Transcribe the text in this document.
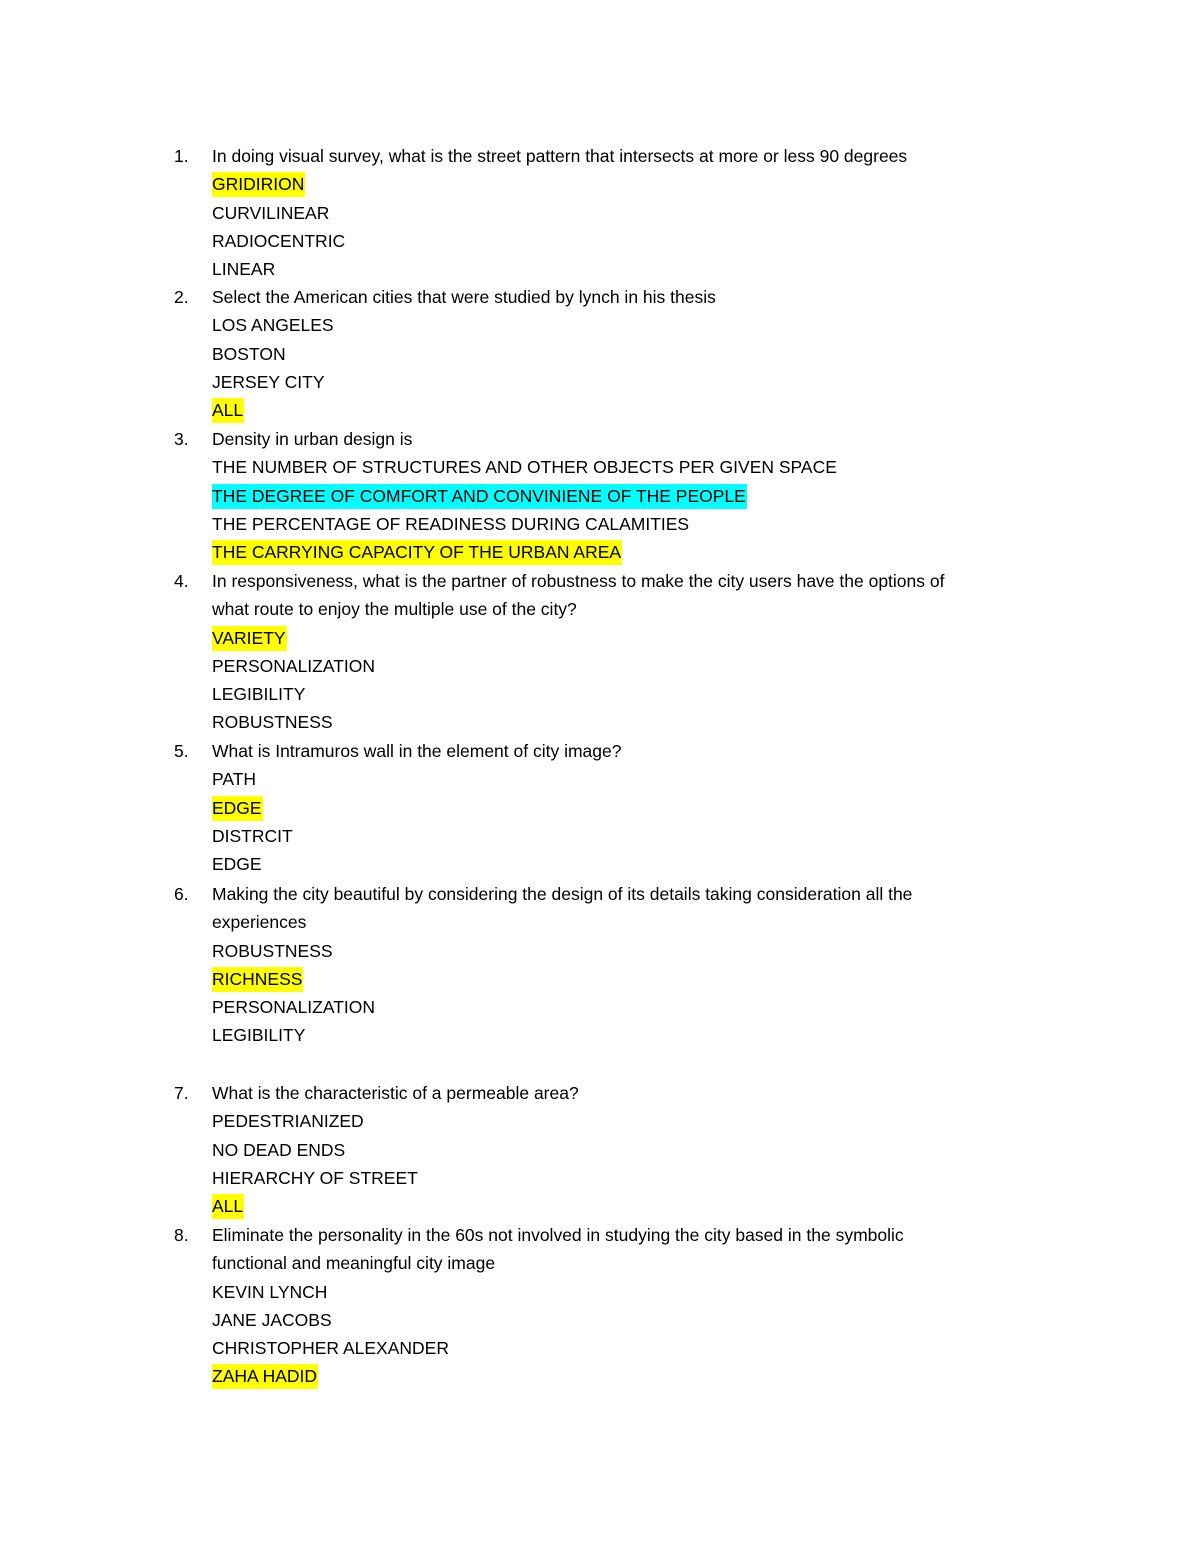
1. In doing visual survey, what is the street pattern that intersects at more or less 90 degrees
GRIDIRION
CURVILINEAR
RADIOCENTRIC
LINEAR
2. Select the American cities that were studied by lynch in his thesis
LOS ANGELES
BOSTON
JERSEY CITY
ALL
3. Density in urban design is
THE NUMBER OF STRUCTURES AND OTHER OBJECTS PER GIVEN SPACE
THE DEGREE OF COMFORT AND CONVINIENE OF THE PEOPLE
THE PERCENTAGE OF READINESS DURING CALAMITIES
THE CARRYING CAPACITY OF THE URBAN AREA
4. In responsiveness, what is the partner of robustness to make the city users have the options of
what route to enjoy the multiple use of the city?
VARIETY
PERSONALIZATION
LEGIBILITY
ROBUSTNESS
5. What is Intramuros wall in the element of city image?
PATH
EDGE
DISTRCIT
EDGE
6. Making the city beautiful by considering the design of its details taking consideration all the
experiences
ROBUSTNESS
RICHNESS
PERSONALIZATION
LEGIBILITY
7. What is the characteristic of a permeable area?
PEDESTRIANIZED
NO DEAD ENDS
HIERARCHY OF STREET
ALL
8. Eliminate the personality in the 60s not involved in studying the city based in the symbolic
functional and meaningful city image
KEVIN LYNCH
JANE JACOBS
CHRISTOPHER ALEXANDER
ZAHA HADID
